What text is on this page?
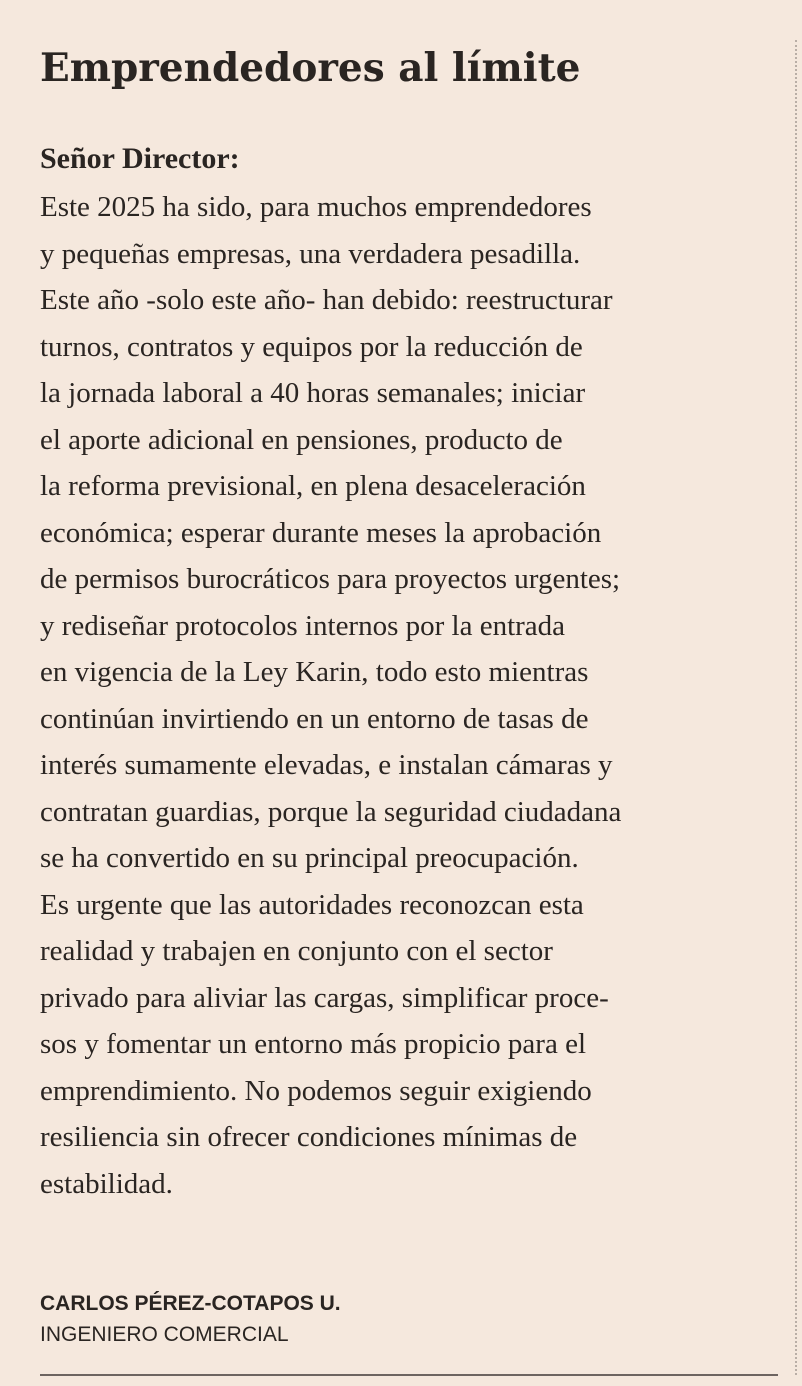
Emprendedores al límite
Señor Director:
Este 2025 ha sido, para muchos emprendedores
y pequeñas empresas, una verdadera pesadilla.
Este año -solo este año- han debido: reestructurar
turnos, contratos y equipos por la reducción de
la jornada laboral a 40 horas semanales; iniciar
el aporte adicional en pensiones, producto de
la reforma previsional, en plena desaceleración
económica; esperar durante meses la aprobación
de permisos burocráticos para proyectos urgentes;
y rediseñar protocolos internos por la entrada
en vigencia de la Ley Karin, todo esto mientras
continúan invirtiendo en un entorno de tasas de
interés sumamente elevadas, e instalan cámaras y
contratan guardias, porque la seguridad ciudadana
se ha convertido en su principal preocupación.
Es urgente que las autoridades reconozcan esta
realidad y trabajen en conjunto con el sector
privado para aliviar las cargas, simplificar proce-
sos y fomentar un entorno más propicio para el
emprendimiento. No podemos seguir exigiendo
resiliencia sin ofrecer condiciones mínimas de
estabilidad.
CARLOS PÉREZ-COTAPOS U.
INGENIERO COMERCIAL
